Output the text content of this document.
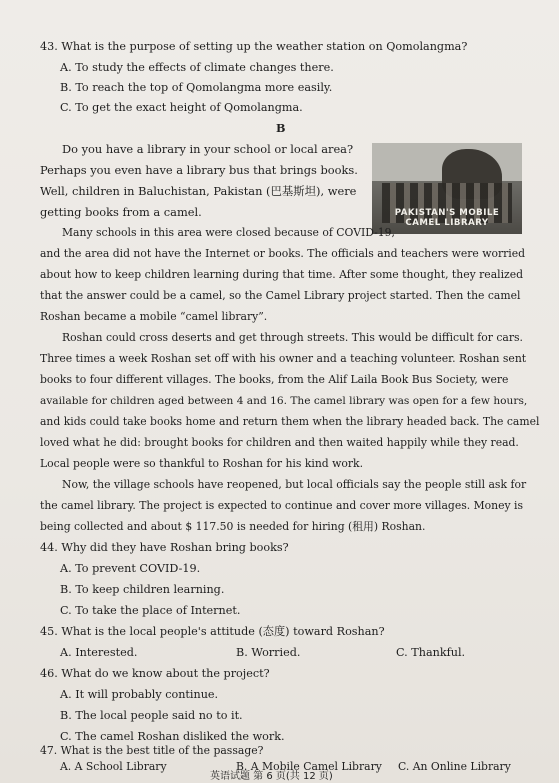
43. What is the purpose of setting up the weather station on Qomolangma?
A. To study the effects of climate changes there.
B. To reach the top of Qomolangma more easily.
C. To get the exact height of Qomolangma.
B
PAKISTAN'S MOBILE
CAMEL LIBRARY
Do you have a library in your school or local area?
Perhaps you even have a library bus that brings books.
Well, children in Baluchistan, Pakistan (巴基斯坦), were
getting books from a camel.
Many schools in this area were closed because of COVID-19,
and the area did not have the Internet or books. The officials and teachers were worried
about how to keep children learning during that time. After some thought, they realized
that the answer could be a camel, so the Camel Library project started. Then the camel
Roshan became a mobile “camel library”.
Roshan could cross deserts and get through streets. This would be difficult for cars.
Three times a week Roshan set off with his owner and a teaching volunteer. Roshan sent
books to four different villages. The books, from the Alif Laila Book Bus Society, were
available for children aged between 4 and 16. The camel library was open for a few hours,
and kids could take books home and return them when the library headed back. The camel
loved what he did: brought books for children and then waited happily while they read.
Local people were so thankful to Roshan for his kind work.
Now, the village schools have reopened, but local officials say the people still ask for
the camel library. The project is expected to continue and cover more villages. Money is
being collected and about $ 117.50 is needed for hiring (租用) Roshan.
44. Why did they have Roshan bring books?
A. To prevent COVID-19.
B. To keep children learning.
C. To take the place of Internet.
45. What is the local people's attitude (态度) toward Roshan?
A. Interested.	B. Worried.	C. Thankful.
46. What do we know about the project?
A. It will probably continue.
B. The local people said no to it.
C. The camel Roshan disliked the work.
47. What is the best title of the passage?
A. A School Library	B. A Mobile Camel Library C. An Online Library
英语试题 第 6 页(共 12 页)
